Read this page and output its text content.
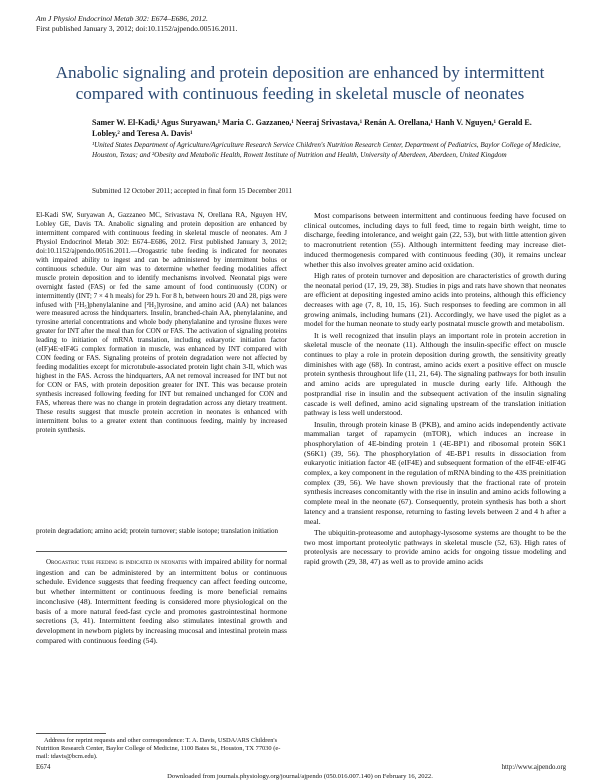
Am J Physiol Endocrinol Metab 302: E674–E686, 2012.
First published January 3, 2012; doi:10.1152/ajpendo.00516.2011.
Anabolic signaling and protein deposition are enhanced by intermittent compared with continuous feeding in skeletal muscle of neonates
Samer W. El-Kadi,¹ Agus Suryawan,¹ Maria C. Gazzaneo,¹ Neeraj Srivastava,¹ Renán A. Orellana,¹ Hanh V. Nguyen,¹ Gerald E. Lobley,² and Teresa A. Davis¹
¹United States Department of Agriculture/Agriculture Research Service Children's Nutrition Research Center, Department of Pediatrics, Baylor College of Medicine, Houston, Texas; and ²Obesity and Metabolic Health, Rowett Institute of Nutrition and Health, University of Aberdeen, Aberdeen, United Kingdom
Submitted 12 October 2011; accepted in final form 15 December 2011
El-Kadi SW, Suryawan A, Gazzaneo MC, Srivastava N, Orellana RA, Nguyen HV, Lobley GE, Davis TA. Anabolic signaling and protein deposition are enhanced by intermittent compared with continuous feeding in skeletal muscle of neonates. Am J Physiol Endocrinol Metab 302: E674–E686, 2012. First published January 3, 2012; doi:10.1152/ajpendo.00516.2011.—Orogastric tube feeding is indicated for neonates with impaired ability to ingest and can be administered by intermittent bolus or continuous schedule. Our aim was to determine whether feeding modalities affect muscle protein deposition and to identify mechanisms involved. Neonatal pigs were overnight fasted (FAS) or fed the same amount of food continuously (CON) or intermittently (INT; 7 × 4 h meals) for 29 h. For 8 h, between hours 20 and 28, pigs were infused with [²H₅]phenylalanine and [²H₂]tyrosine, and amino acid (AA) net balances were measured across the hindquarters. Insulin, branched-chain AA, phenylalanine, and tyrosine arterial concentrations and whole body phenylalanine and tyrosine fluxes were greater for INT after the meal than for CON or FAS. The activation of signaling proteins leading to initiation of mRNA translation, including eukaryotic initiation factor (eIF)4E·eIF4G complex formation in muscle, was enhanced by INT compared with CON feeding or FAS. Signaling proteins of protein degradation were not affected by feeding modalities except for microtubule-associated protein light chain 3-II, which was highest in the FAS. Across the hindquarters, AA net removal increased for INT but not for CON or FAS, with protein deposition greater for INT. This was because protein synthesis increased following feeding for INT but remained unchanged for CON and FAS, whereas there was no change in protein degradation across any dietary treatment. These results suggest that muscle protein accretion in neonates is enhanced with intermittent bolus to a greater extent than continuous feeding, mainly by increased protein synthesis.
protein degradation; amino acid; protein turnover; stable isotope; translation initiation
Orogastric tube feeding is indicated in neonates with impaired ability for normal ingestion and can be administered by an intermittent bolus or continuous schedule. Evidence suggests that feeding frequency can affect feeding outcome, but whether intermittent or continuous feeding is more beneficial remains inconclusive (48). Intermittent feeding is considered more physiological on the basis of a more natural feed-fast cycle and promotes gastrointestinal hormone secretions (3, 41). Intermittent feeding also stimulates intestinal growth and development in newborn piglets by increasing mucosal and intestinal protein mass compared with continuous feeding (54).
Address for reprint requests and other correspondence: T. A. Davis, USDA/ARS Children's Nutrition Research Center, Baylor College of Medicine, 1100 Bates St., Houston, TX 77030 (e-mail: tdavis@bcm.edu).

Most comparisons between intermittent and continuous feeding have focused on clinical outcomes, including days to full feed, time to regain birth weight, time to discharge, feeding intolerance, and weight gain (22, 53), but with little attention given to macronutrient retention (55). Although intermittent feeding may increase diet-induced thermogenesis compared with continuous feeding (30), it remains unclear whether this also involves greater amino acid oxidation.

High rates of protein turnover and deposition are characteristics of growth during the neonatal period (17, 19, 29, 38). Studies in pigs and rats have shown that neonates are efficient at depositing ingested amino acids into proteins, although this efficiency decreases with age (7, 8, 10, 15, 16). Such responses to feeding are common in all growing animals, including humans (21). Accordingly, we have used the piglet as a model for the human neonate to study early postnatal muscle growth and metabolism.

It is well recognized that insulin plays an important role in protein accretion in skeletal muscle of the neonate (11). Although the insulin-specific effect on muscle continues to play a role in protein deposition during growth, the sensitivity greatly diminishes with age (68). In contrast, amino acids exert a positive effect on muscle protein synthesis throughout life (11, 21, 64). The signaling pathways for both insulin and amino acids are upregulated in muscle during early life. Although the postprandial rise in insulin and the subsequent activation of the insulin signaling cascade is well defined, amino acid signaling upstream of the translation initiation pathway is less well understood.

Insulin, through protein kinase B (PKB), and amino acids independently activate mammalian target of rapamycin (mTOR), which induces an increase in phosphorylation of 4E-binding protein 1 (4E-BP1) and ribosomal protein S6K1 (S6K1) (39, 56). The phosphorylation of 4E-BP1 results in dissociation from eukaryotic initiation factor 4E (eIF4E) and subsequent formation of the eIF4E·eIF4G complex, a key component in the regulation of mRNA binding to the 43S preinitiation complex (39, 56). We have shown previously that the fractional rate of protein synthesis increases concomitantly with the rise in insulin and amino acids following a complete meal in the neonate (67). Consequently, protein synthesis has both a short latency and a transient response, returning to fasting levels between 2 and 4 h after a meal.

The ubiquitin-proteasome and autophagy-lysosome systems are thought to be the two most important proteolytic pathways in skeletal muscle (52, 63). High rates of proteolysis are necessary to provide amino acids for ongoing tissue modeling and rapid growth (29, 38, 47) as well as to provide amino acids

E674	http://www.ajpendo.org
Downloaded from journals.physiology.org/journal/ajpendo (050.016.007.140) on February 16, 2022.
